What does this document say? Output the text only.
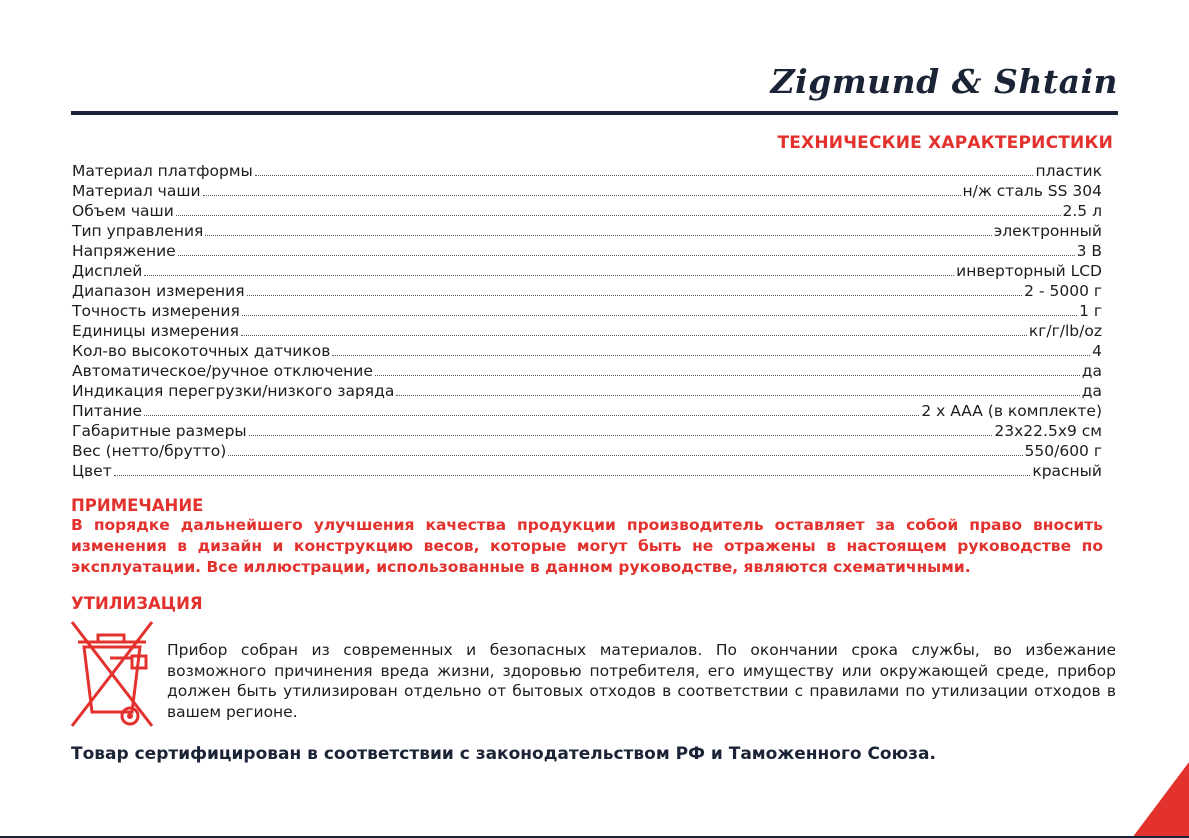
Zigmund & Shtain
ТЕХНИЧЕСКИЕ ХАРАКТЕРИСТИКИ
Материал платформы	пластик
Материал чаши	н/ж сталь SS 304
Объем чаши	2.5 л
Тип управления	электронный
Напряжение	3 В
Дисплей	инверторный LCD
Диапазон измерения	2 - 5000 г
Точность измерения	1 г
Единицы измерения	кг/г/lb/oz
Кол-во высокоточных датчиков	4
Автоматическое/ручное отключение	да
Индикация перегрузки/низкого заряда	да
Питание	2 х AAA (в комплекте)
Габаритные размеры	23х22.5х9 см
Вес (нетто/брутто)	550/600 г
Цвет	красный
ПРИМЕЧАНИЕ

В порядке дальнейшего улучшения качества продукции производитель оставляет за собой право вносить изменения в дизайн и конструкцию весов, которые могут быть не отражены в настоящем руководстве по эксплуатации. Все иллюстрации, использованные в данном руководстве, являются схематичными.

УТИЛИЗАЦИЯ

Прибор собран из современных и безопасных материалов. По окончании срока службы, во избежание возможного причинения вреда жизни, здоровью потребителя, его имуществу или окружающей среде, прибор должен быть утилизирован отдельно от бытовых отходов в соответствии с правилами по утилизации отходов в вашем регионе.

Товар сертифицирован в соответствии с законодательством РФ и Таможенного Союза.
